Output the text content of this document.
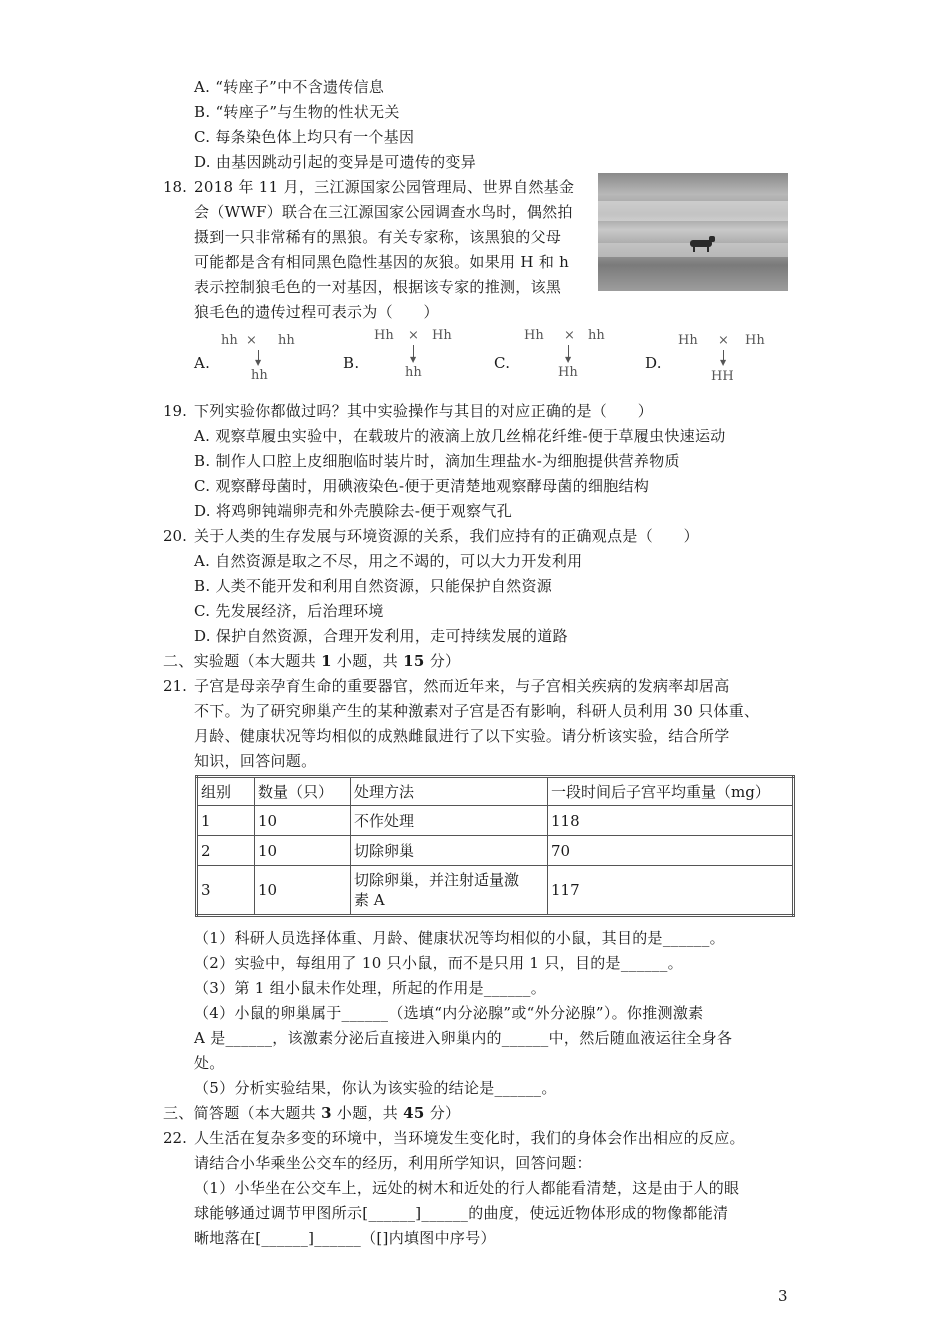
A. “转座子”中不含遗传信息
B. “转座子”与生物的性状无关
C. 每条染色体上均只有一个基因
D. 由基因跳动引起的变异是可遗传的变异
18. 2018 年 11 月，三江源国家公园管理局、世界自然基金
会（WWF）联合在三江源国家公园调查水鸟时，偶然拍
摄到一只非常稀有的黑狼。有关专家称，该黑狼的父母
可能都是含有相同黑色隐性基因的灰狼。如果用 H 和 h
表示控制狼毛色的一对基因，根据该专家的推测，该黑
狼毛色的遗传过程可表示为（　　）
A.
hh × hh
▼
hh
B.
Hh × Hh
▼
hh
C.
Hh × hh
▼
Hh
D.
Hh × Hh
▼
HH
19. 下列实验你都做过吗？其中实验操作与其目的对应正确的是（　　）
A. 观察草履虫实验中，在载玻片的液滴上放几丝棉花纤维-便于草履虫快速运动
B. 制作人口腔上皮细胞临时装片时，滴加生理盐水-为细胞提供营养物质
C. 观察酵母菌时，用碘液染色-便于更清楚地观察酵母菌的细胞结构
D. 将鸡卵钝端卵壳和外壳膜除去-便于观察气孔
20. 关于人类的生存发展与环境资源的关系，我们应持有的正确观点是（　　）
A. 自然资源是取之不尽，用之不竭的，可以大力开发利用
B. 人类不能开发和利用自然资源，只能保护自然资源
C. 先发展经济，后治理环境
D. 保护自然资源，合理开发利用，走可持续发展的道路
二、实验题（本大题共 1 小题，共 15 分）
21. 子宫是母亲孕育生命的重要器官，然而近年来，与子宫相关疾病的发病率却居高
不下。为了研究卵巢产生的某种激素对子宫是否有影响，科研人员利用 30 只体重、
月龄、健康状况等均相似的成熟雌鼠进行了以下实验。请分析该实验，结合所学
知识，回答问题。
组别	数量（只）	处理方法	一段时间后子宫平均重量（mg）
1	10	不作处理	118
2	10	切除卵巢	70
3	10	切除卵巢，并注射适量激
素 A	117
（1）科研人员选择体重、月龄、健康状况等均相似的小鼠，其目的是______。
（2）实验中，每组用了 10 只小鼠，而不是只用 1 只，目的是______。
（3）第 1 组小鼠未作处理，所起的作用是______。
（4）小鼠的卵巢属于______（选填“内分泌腺”或“外分泌腺”）。你推测激素
A 是______，该激素分泌后直接进入卵巢内的______中，然后随血液运往全身各
处。
（5）分析实验结果，你认为该实验的结论是______。
三、简答题（本大题共 3 小题，共 45 分）
22. 人生活在复杂多变的环境中，当环境发生变化时，我们的身体会作出相应的反应。
请结合小华乘坐公交车的经历，利用所学知识，回答问题：
（1）小华坐在公交车上，远处的树木和近处的行人都能看清楚，这是由于人的眼
球能够通过调节甲图所示[______]______的曲度，使远近物体形成的物像都能清
晰地落在[______]______（[]内填图中序号）
3
